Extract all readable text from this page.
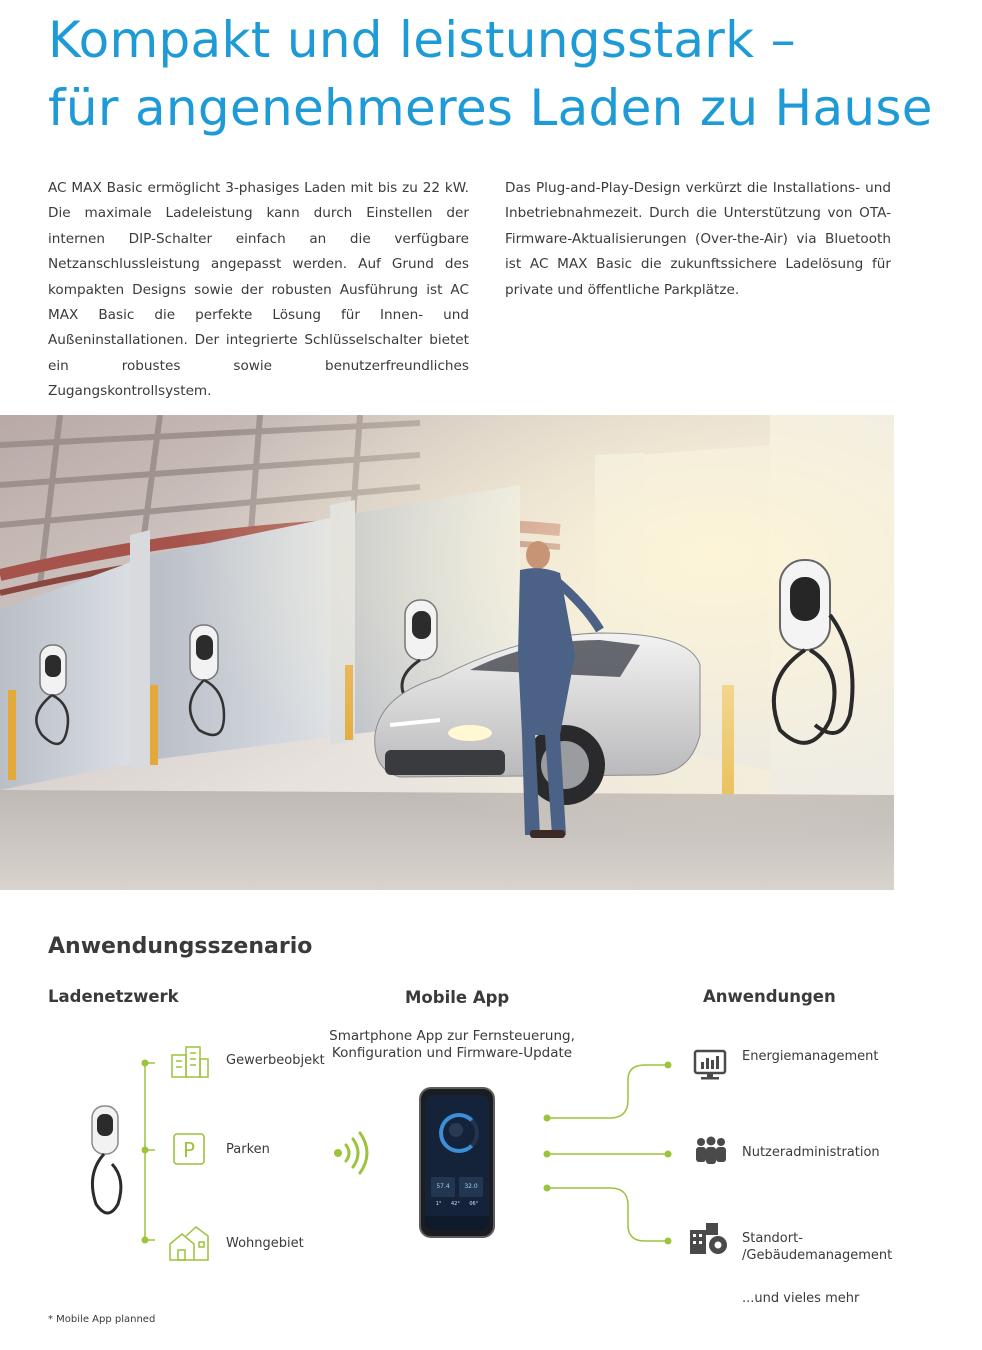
Kompakt und leistungsstark –
für angenehmeres Laden zu Hause

AC MAX Basic ermöglicht 3-phasiges Laden mit bis zu 22 kW. Die maximale Ladeleistung kann durch Einstellen der internen DIP-Schalter einfach an die verfügbare Netzanschlussleistung angepasst werden. Auf Grund des kompakten Designs sowie der robusten Ausführung ist AC MAX Basic die perfekte Lösung für Innen- und Außeninstallationen. Der integrierte Schlüsselschalter bietet ein robustes sowie benutzerfreundliches Zugangskontrollsystem.

Das Plug-and-Play-Design verkürzt die Installations- und Inbetriebnahmezeit. Durch die Unterstützung von OTA-Firmware-Aktualisierungen (Over-the-Air) via Bluetooth ist AC MAX Basic die zukunftssichere Ladelösung für private und öffentliche Parkplätze.

Anwendungsszenario
Ladenetzwerk	Mobile App	Anwendungen
Smartphone App zur Fernsteuerung, Konfiguration und Firmware-Update
Gewerbeobjekt
P Parken
Wohngebiet
57.4	32.0
1° 42° 06°
Energiemanagement
Nutzeradministration
Standort-
/Gebäudemanagement
...und vieles mehr
* Mobile App planned
